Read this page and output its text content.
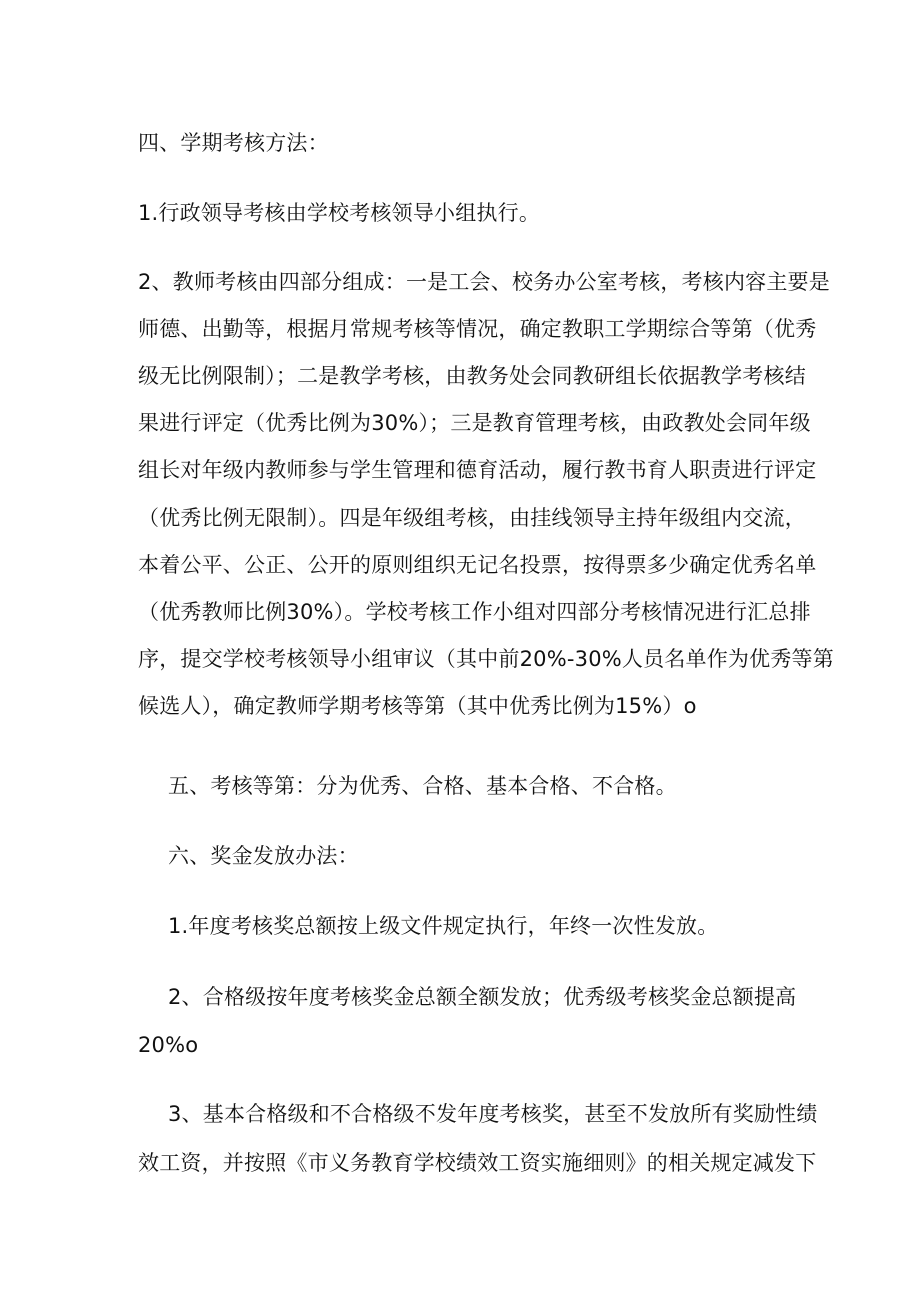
四、学期考核方法：
1.行政领导考核由学校考核领导小组执行。
2、教师考核由四部分组成：一是工会、校务办公室考核，考核内容主要是
师德、出勤等，根据月常规考核等情况，确定教职工学期综合等第（优秀
级无比例限制）；二是教学考核，由教务处会同教研组长依据教学考核结
果进行评定（优秀比例为30%）；三是教育管理考核，由政教处会同年级
组长对年级内教师参与学生管理和德育活动，履行教书育人职责进行评定
（优秀比例无限制）。四是年级组考核，由挂线领导主持年级组内交流，
本着公平、公正、公开的原则组织无记名投票，按得票多少确定优秀名单
（优秀教师比例30%）。学校考核工作小组对四部分考核情况进行汇总排
序，提交学校考核领导小组审议（其中前20%-30%人员名单作为优秀等第
候选人），确定教师学期考核等第（其中优秀比例为15%）o
五、考核等第：分为优秀、合格、基本合格、不合格。
六、奖金发放办法：
1.年度考核奖总额按上级文件规定执行，年终一次性发放。
2、合格级按年度考核奖金总额全额发放；优秀级考核奖金总额提高
20%o
3、基本合格级和不合格级不发年度考核奖，甚至不发放所有奖励性绩
效工资，并按照《市义务教育学校绩效工资实施细则》的相关规定减发下
